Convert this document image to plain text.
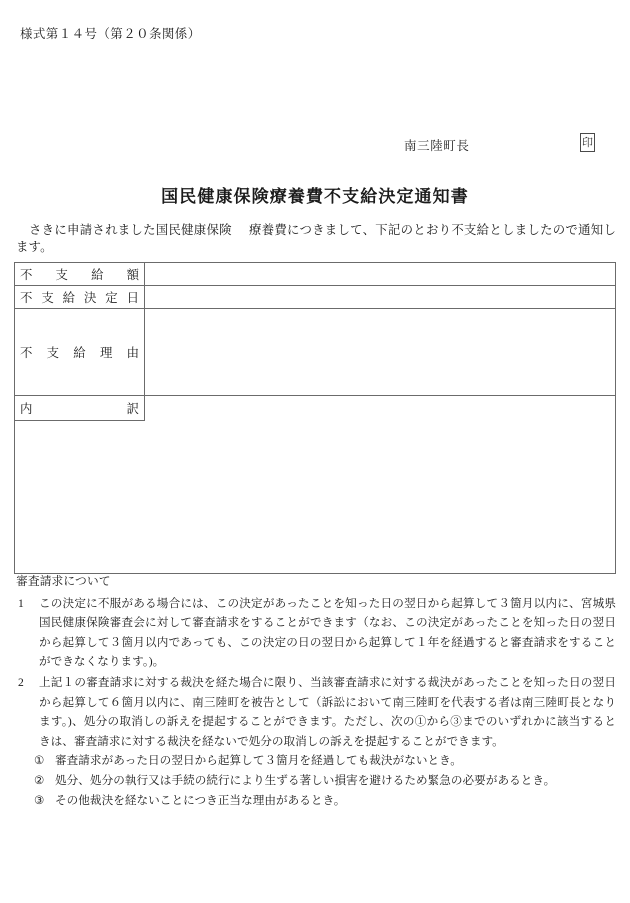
様式第１４号（第２０条関係）
南三陸町長	印
国民健康保険療養費不支給決定通知書
さきに申請されました国民健康保険 療養費につきまして、下記のとおり不支給としましたので通知します。
不支給額	

不支給決定日	

不支給理由	

内訳	

審査請求について
1	この決定に不服がある場合には、この決定があったことを知った日の翌日から起算して３箇月以内に、宮城県国民健康保険審査会に対して審査請求をすることができます（なお、この決定があったことを知った日の翌日から起算して３箇月以内であっても、この決定の日の翌日から起算して１年を経過すると審査請求をすることができなくなります。)。
2	上記１の審査請求に対する裁決を経た場合に限り、当該審査請求に対する裁決があったことを知った日の翌日から起算して６箇月以内に、南三陸町を被告として（訴訟において南三陸町を代表する者は南三陸町長となります。)、処分の取消しの訴えを提起することができます。ただし、次の①から③までのいずれかに該当するときは、審査請求に対する裁決を経ないで処分の取消しの訴えを提起することができます。
① 審査請求があった日の翌日から起算して３箇月を経過しても裁決がないとき。
② 処分、処分の執行又は手続の続行により生ずる著しい損害を避けるため緊急の必要があるとき。
③ その他裁決を経ないことにつき正当な理由があるとき。
